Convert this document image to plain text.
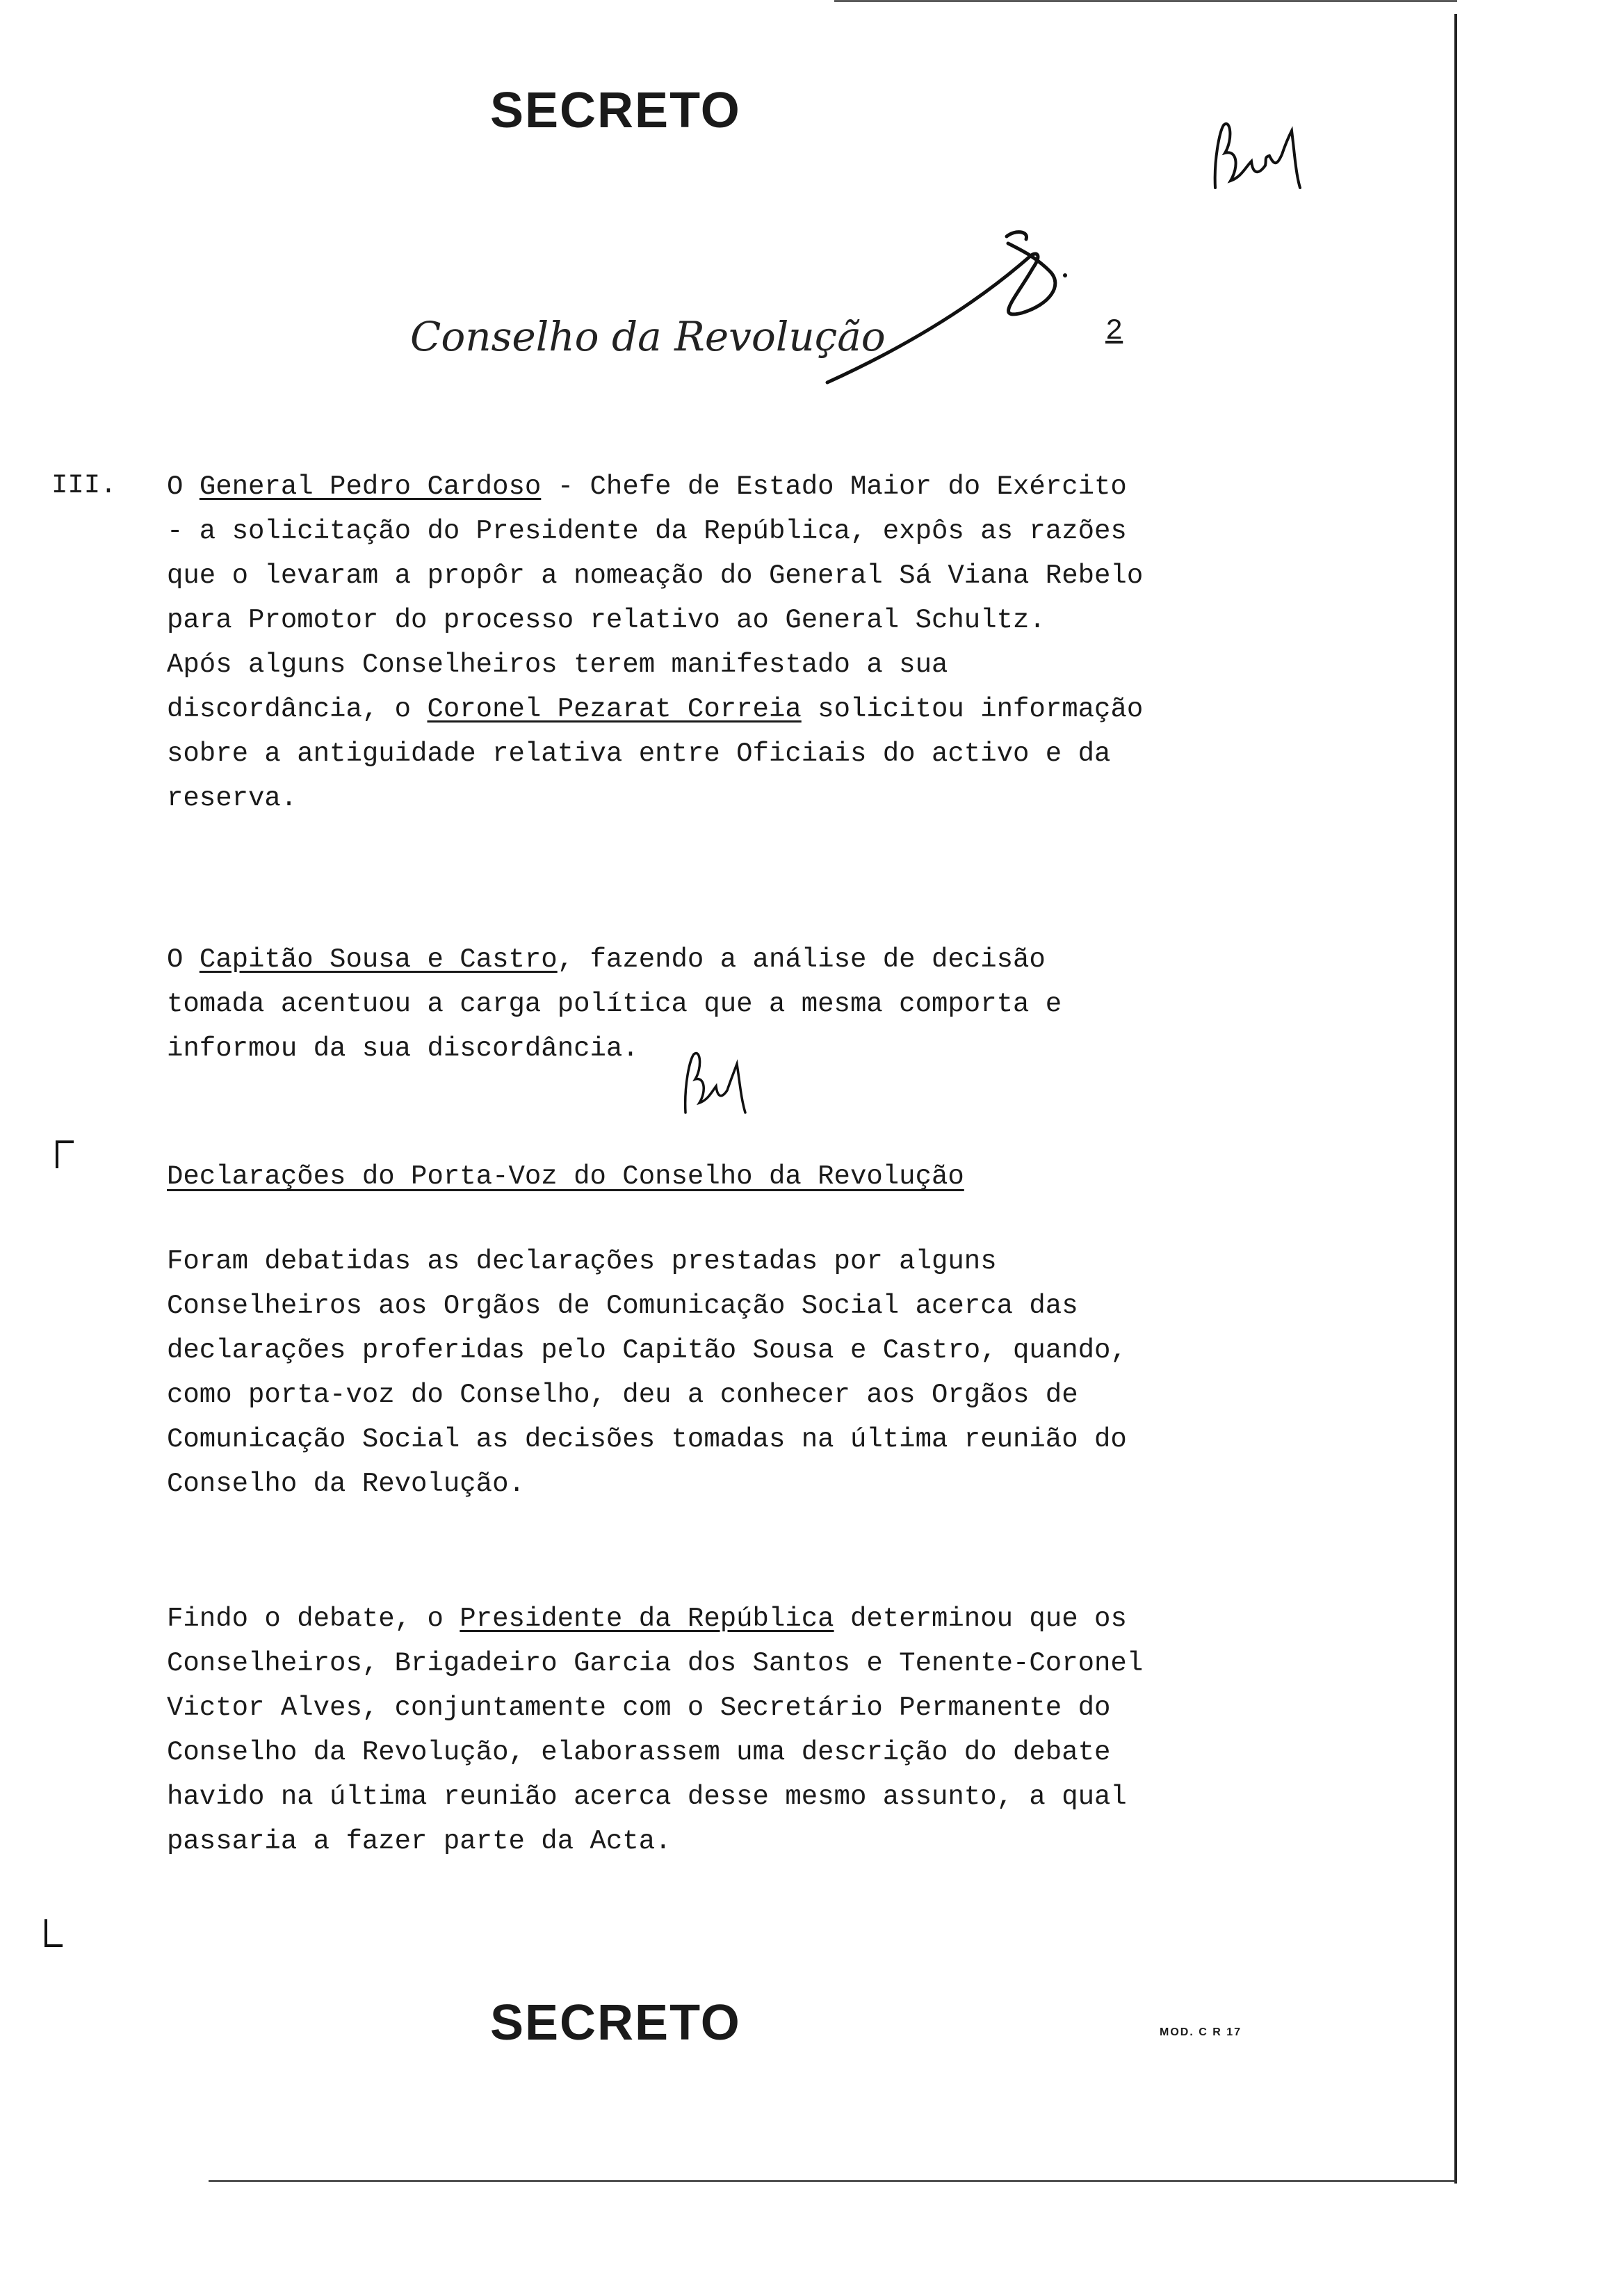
SECRETO
Conselho da Revolução	2
III. O General Pedro Cardoso - Chefe de Estado Maior do Exército - a solicitação do Presidente da República, expôs as razões que o levaram a propôr a nomeação do General Sá Viana Rebelo para Promotor do processo relativo ao General Schultz.

Após alguns Conselheiros terem manifestado a sua discordância, o Coronel Pezarat Correia solicitou informação sobre a antiguidade relativa entre Oficiais do activo e da reserva.

O Capitão Sousa e Castro, fazendo a análise de decisão tomada acentuou a carga política que a mesma comporta e informou da sua discordância.

Declarações do Porta-Voz do Conselho da Revolução

Foram debatidas as declarações prestadas por alguns Conselheiros aos Orgãos de Comunicação Social acerca das declarações proferidas pelo Capitão Sousa e Castro, quando, como porta-voz do Conselho, deu a conhecer aos Orgãos de Comunicação Social as decisões tomadas na última reunião do Conselho da Revolução.

Findo o debate, o Presidente da República determinou que os Conselheiros, Brigadeiro Garcia dos Santos e Tenente-Coronel Victor Alves, conjuntamente com o Secretário Permanente do Conselho da Revolução, elaborassem uma descrição do debate havido na última reunião acerca desse mesmo assunto, a qual passaria a fazer parte da Acta.

SECRETO	MOD. C R 17
